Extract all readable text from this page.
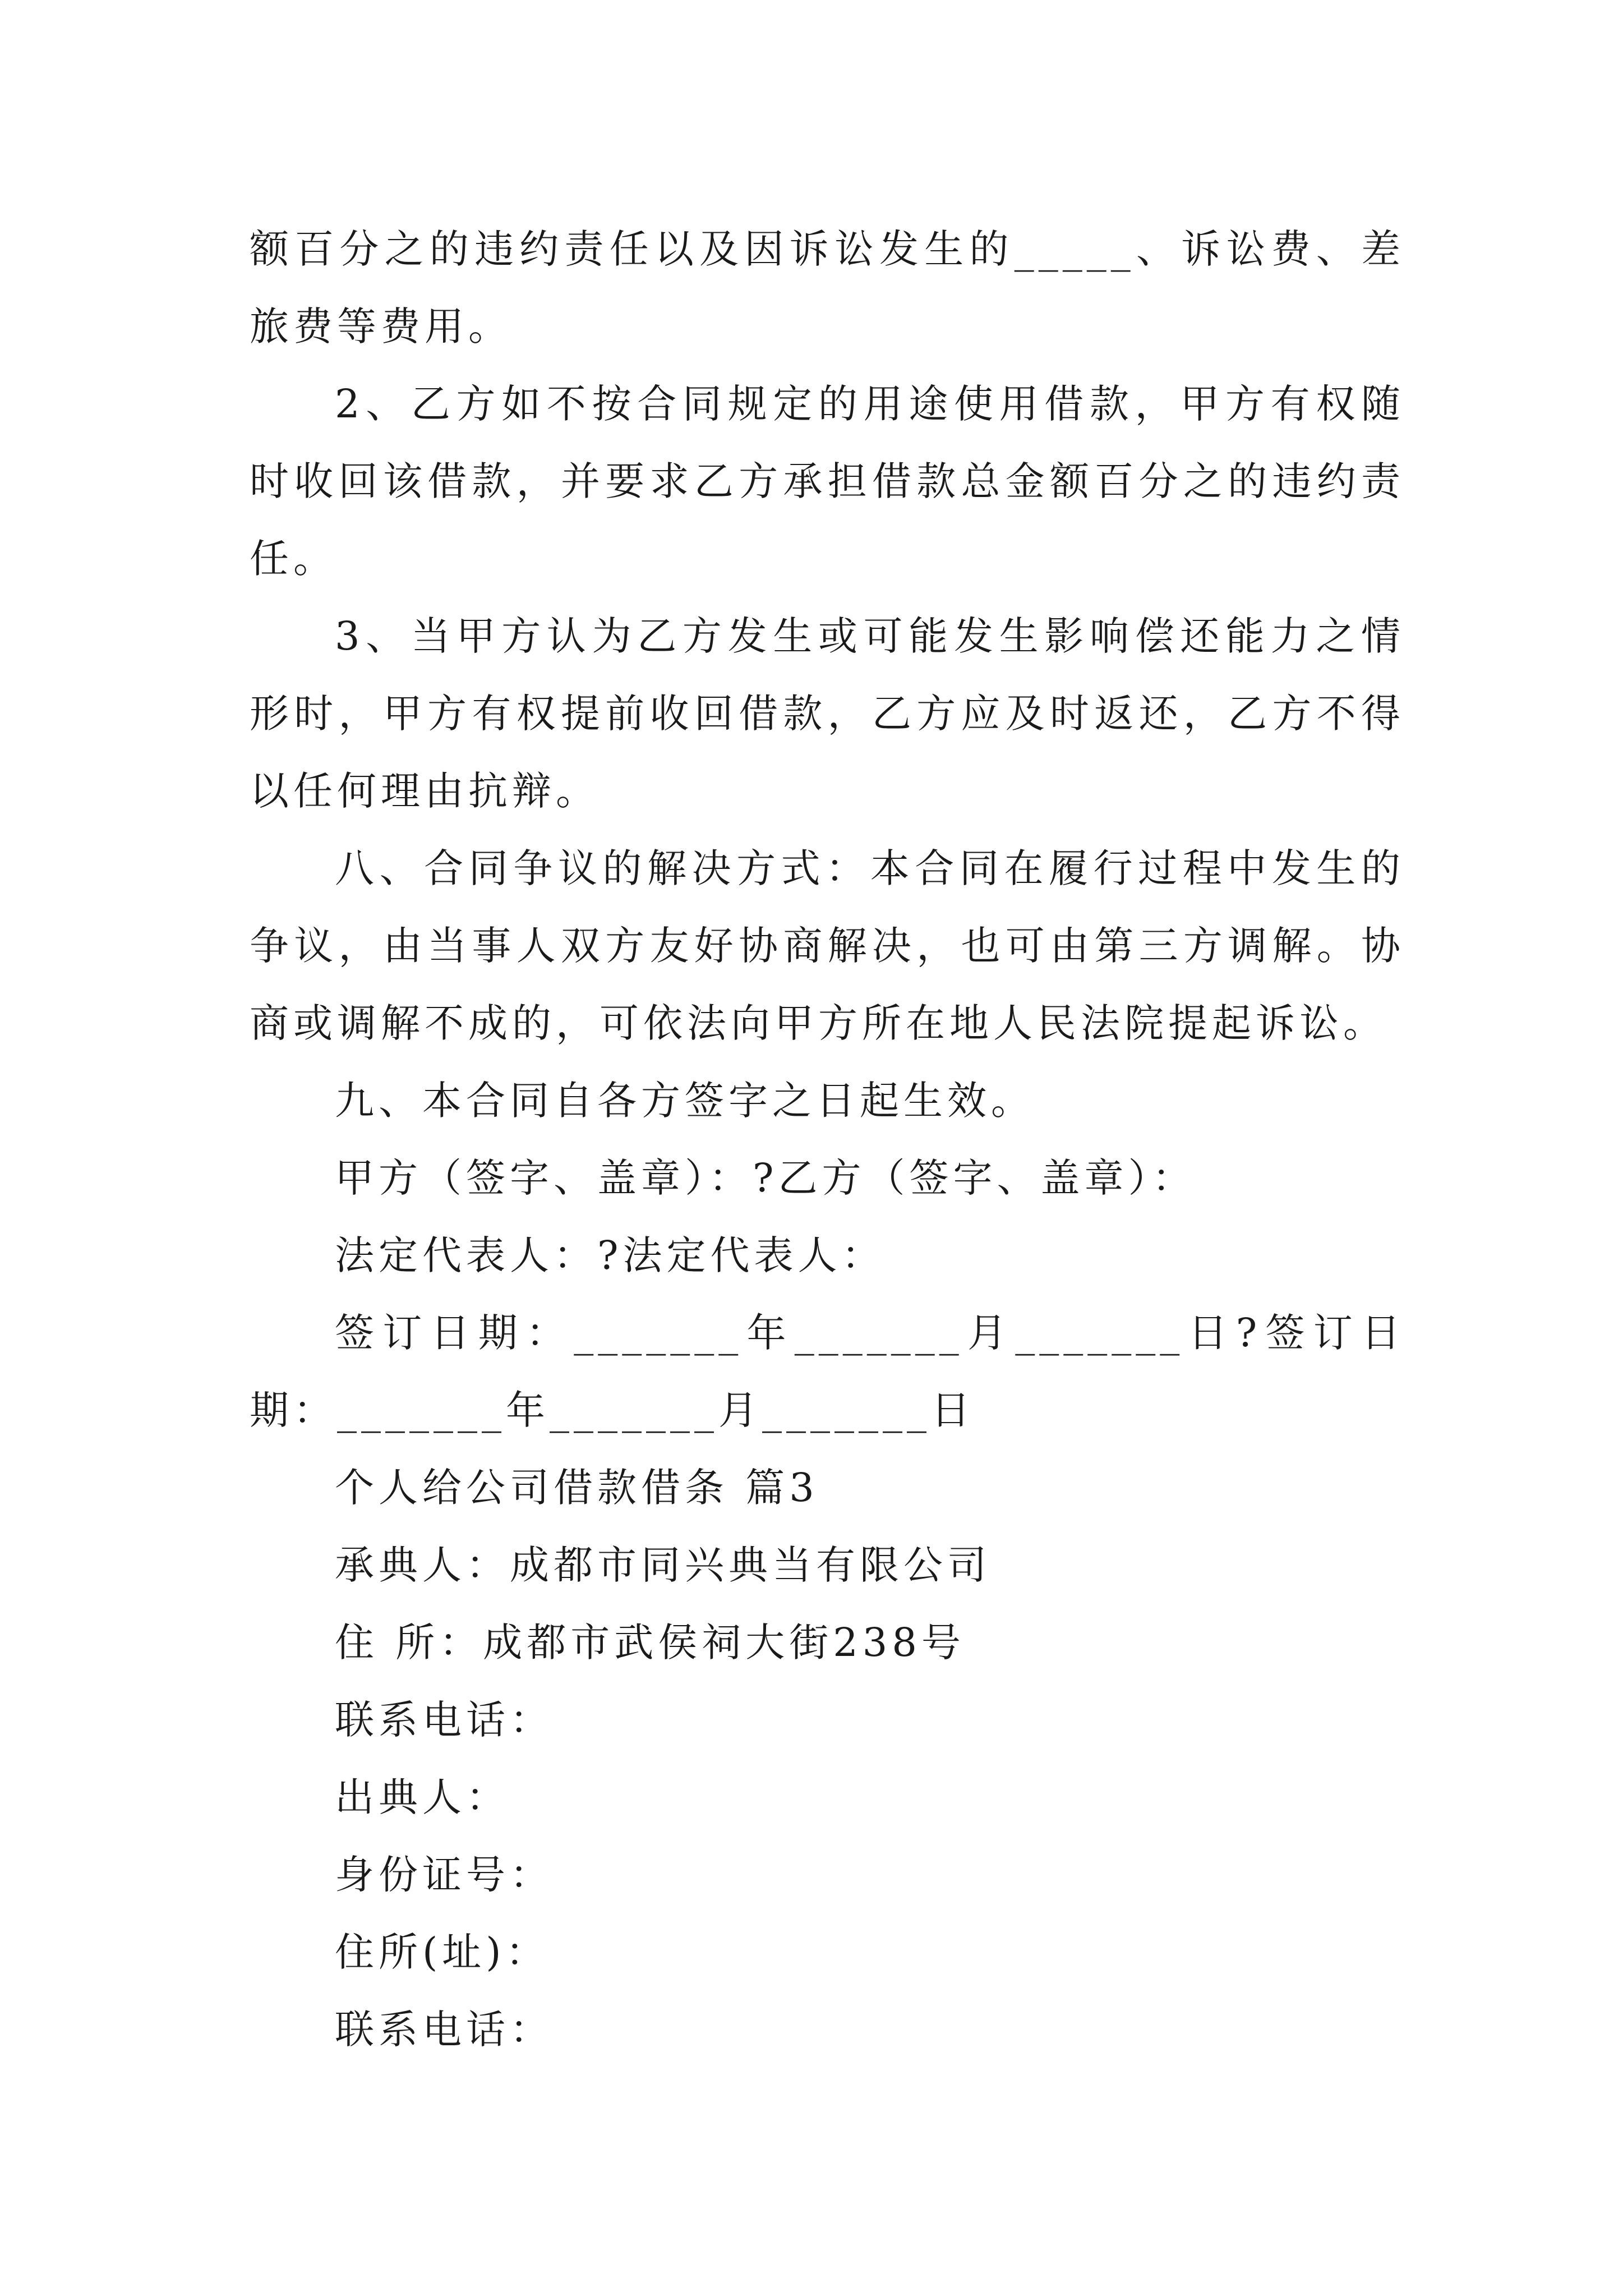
额百分之的违约责任以及因诉讼发生的_____、诉讼费、差旅费等费用。

2、乙方如不按合同规定的用途使用借款，甲方有权随时收回该借款，并要求乙方承担借款总金额百分之的违约责任。

3、当甲方认为乙方发生或可能发生影响偿还能力之情形时，甲方有权提前收回借款，乙方应及时返还，乙方不得以任何理由抗辩。

八、合同争议的解决方式：本合同在履行过程中发生的争议，由当事人双方友好协商解决，也可由第三方调解。协商或调解不成的，可依法向甲方所在地人民法院提起诉讼。

九、本合同自各方签字之日起生效。

甲方（签字、盖章）：?乙方（签字、盖章）：

法定代表人：?法定代表人：

签订日期：_______年_______月_______日?签订日期：_______年_______月_______日

个人给公司借款借条 篇3

承典人：成都市同兴典当有限公司

住 所：成都市武侯祠大街238号

联系电话：

出典人：

身份证号：

住所(址)：

联系电话：
